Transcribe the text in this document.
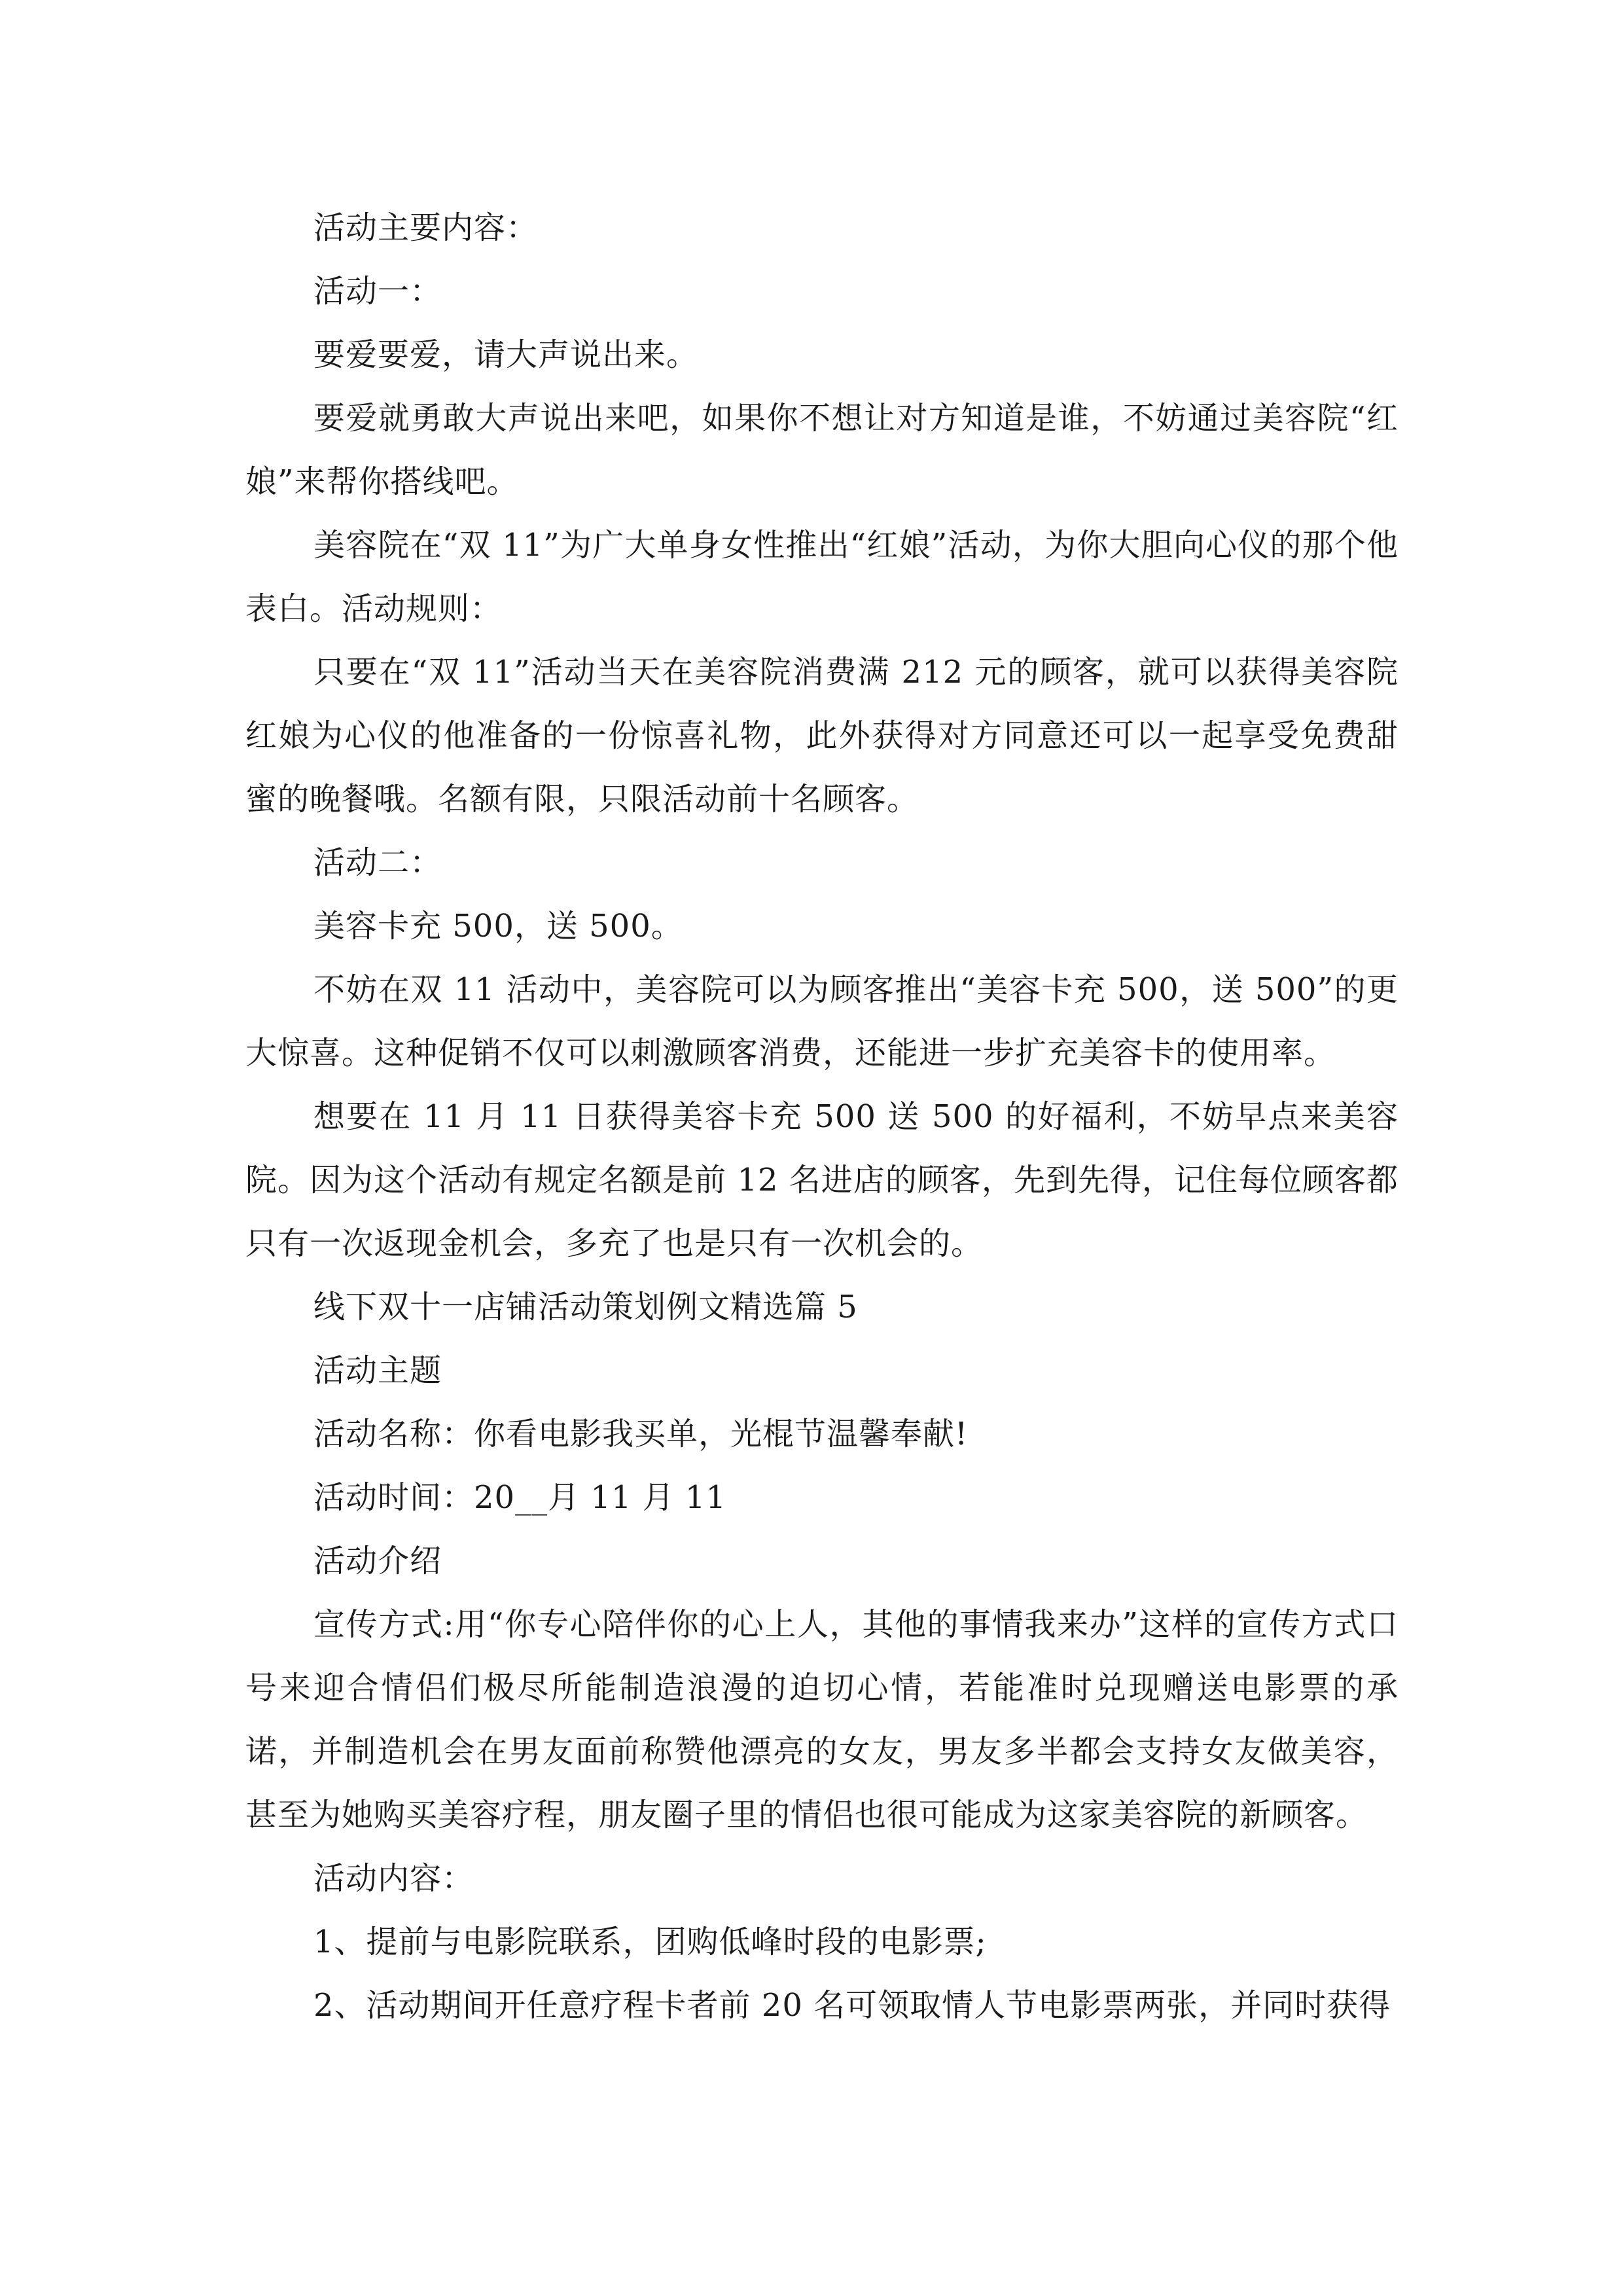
活动主要内容：

活动一：

要爱要爱，请大声说出来。

要爱就勇敢大声说出来吧，如果你不想让对方知道是谁，不妨通过美容院“红娘”来帮你搭线吧。

美容院在“双 11”为广大单身女性推出“红娘”活动，为你大胆向心仪的那个他表白。活动规则：

只要在“双 11”活动当天在美容院消费满 212 元的顾客，就可以获得美容院红娘为心仪的他准备的一份惊喜礼物，此外获得对方同意还可以一起享受免费甜蜜的晚餐哦。名额有限，只限活动前十名顾客。

活动二：

美容卡充 500，送 500。

不妨在双 11 活动中，美容院可以为顾客推出“美容卡充 500，送 500”的更大惊喜。这种促销不仅可以刺激顾客消费，还能进一步扩充美容卡的使用率。

想要在 11 月 11 日获得美容卡充 500 送 500 的好福利，不妨早点来美容院。因为这个活动有规定名额是前 12 名进店的顾客，先到先得，记住每位顾客都只有一次返现金机会，多充了也是只有一次机会的。

线下双十一店铺活动策划例文精选篇 5

活动主题

活动名称：你看电影我买单，光棍节温馨奉献!

活动时间：20__月 11 月 11

活动介绍

宣传方式:用“你专心陪伴你的心上人，其他的事情我来办”这样的宣传方式口号来迎合情侣们极尽所能制造浪漫的迫切心情，若能准时兑现赠送电影票的承诺，并制造机会在男友面前称赞他漂亮的女友，男友多半都会支持女友做美容，甚至为她购买美容疗程，朋友圈子里的情侣也很可能成为这家美容院的新顾客。

活动内容：

1、提前与电影院联系，团购低峰时段的电影票;

2、活动期间开任意疗程卡者前 20 名可领取情人节电影票两张，并同时获得
